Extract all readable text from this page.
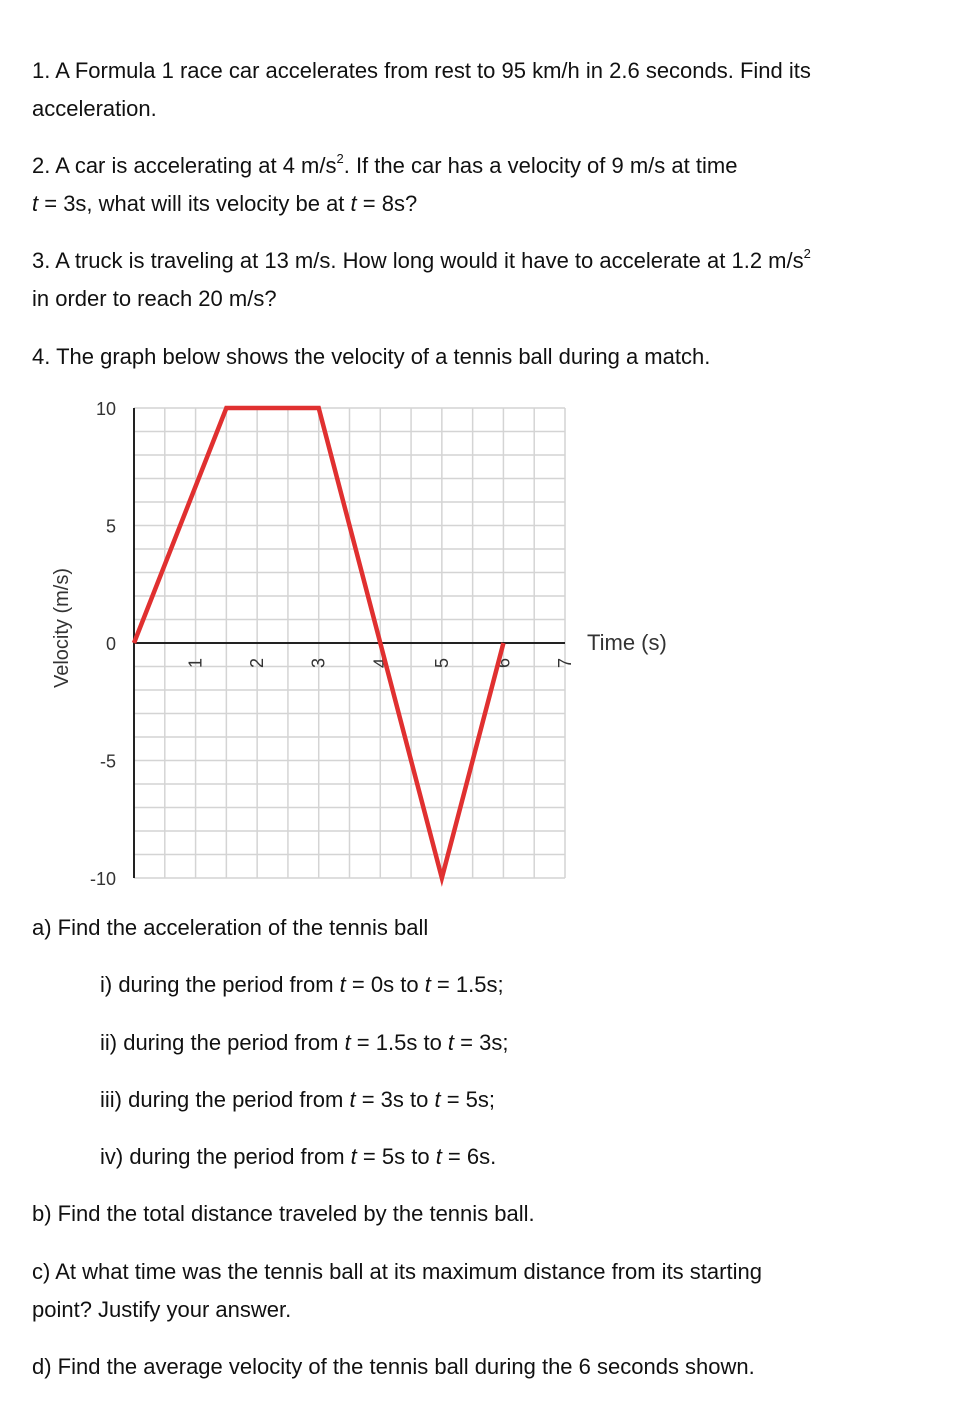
1. A Formula 1 race car accelerates from rest to 95 km/h in 2.6 seconds. Find its

acceleration.

2. A car is accelerating at 4 $m/s^2$. If the car has a velocity of 9 m/s at time

t = 3s, what will its velocity be at t = 8s?

3. A truck is traveling at 13 m/s. How long would it have to accelerate at 1.2 $m/s^2$

in order to reach 20 m/s?

4. The graph below shows the velocity of a tennis ball during a match.

10
5
0
-5
-10
1 2 3 4 5 6 7
Velocity (m/s)	Time (s)

a) Find the acceleration of the tennis ball

i) during the period from t = 0s to t = 1.5s;

ii) during the period from t = 1.5s to t = 3s;

iii) during the period from t = 3s to t = 5s;

iv) during the period from t = 5s to t = 6s.

b) Find the total distance traveled by the tennis ball.

c) At what time was the tennis ball at its maximum distance from its starting

point? Justify your answer.

d) Find the average velocity of the tennis ball during the 6 seconds shown.
